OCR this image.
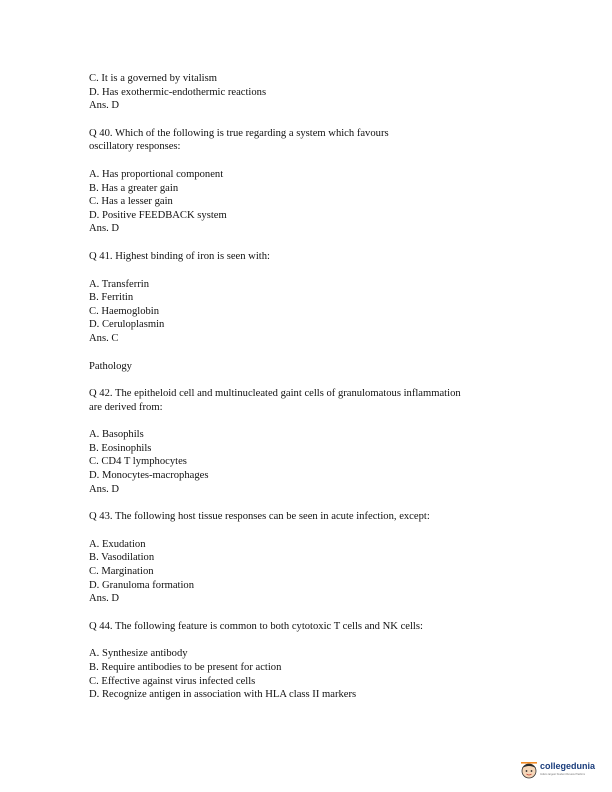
C. It is a governed by vitalism
D. Has exothermic-endothermic reactions
Ans. D
Q 40. Which of the following is true regarding a system which favours
oscillatory responses:
A. Has proportional component
B. Has a greater gain
C. Has a lesser gain
D. Positive FEEDBACK system
Ans. D
Q 41. Highest binding of iron is seen with:
A. Transferrin
B. Ferritin
C. Haemoglobin
D. Ceruloplasmin
Ans. C
Pathology
Q 42. The epitheloid cell and multinucleated gaint cells of granulomatous inflammation
are derived from:
A. Basophils
B. Eosinophils
C. CD4 T lymphocytes
D. Monocytes-macrophages
Ans. D
Q 43. The following host tissue responses can be seen in acute infection, except:
A. Exudation
B. Vasodilation
C. Margination
D. Granuloma formation
Ans. D
Q 44. The following feature is common to both cytotoxic T cells and NK cells:
A. Synthesize antibody
B. Require antibodies to be present for action
C. Effective against virus infected cells
D. Recognize antigen in association with HLA class II markers
collegedunia
India's largest Student Review Platform
